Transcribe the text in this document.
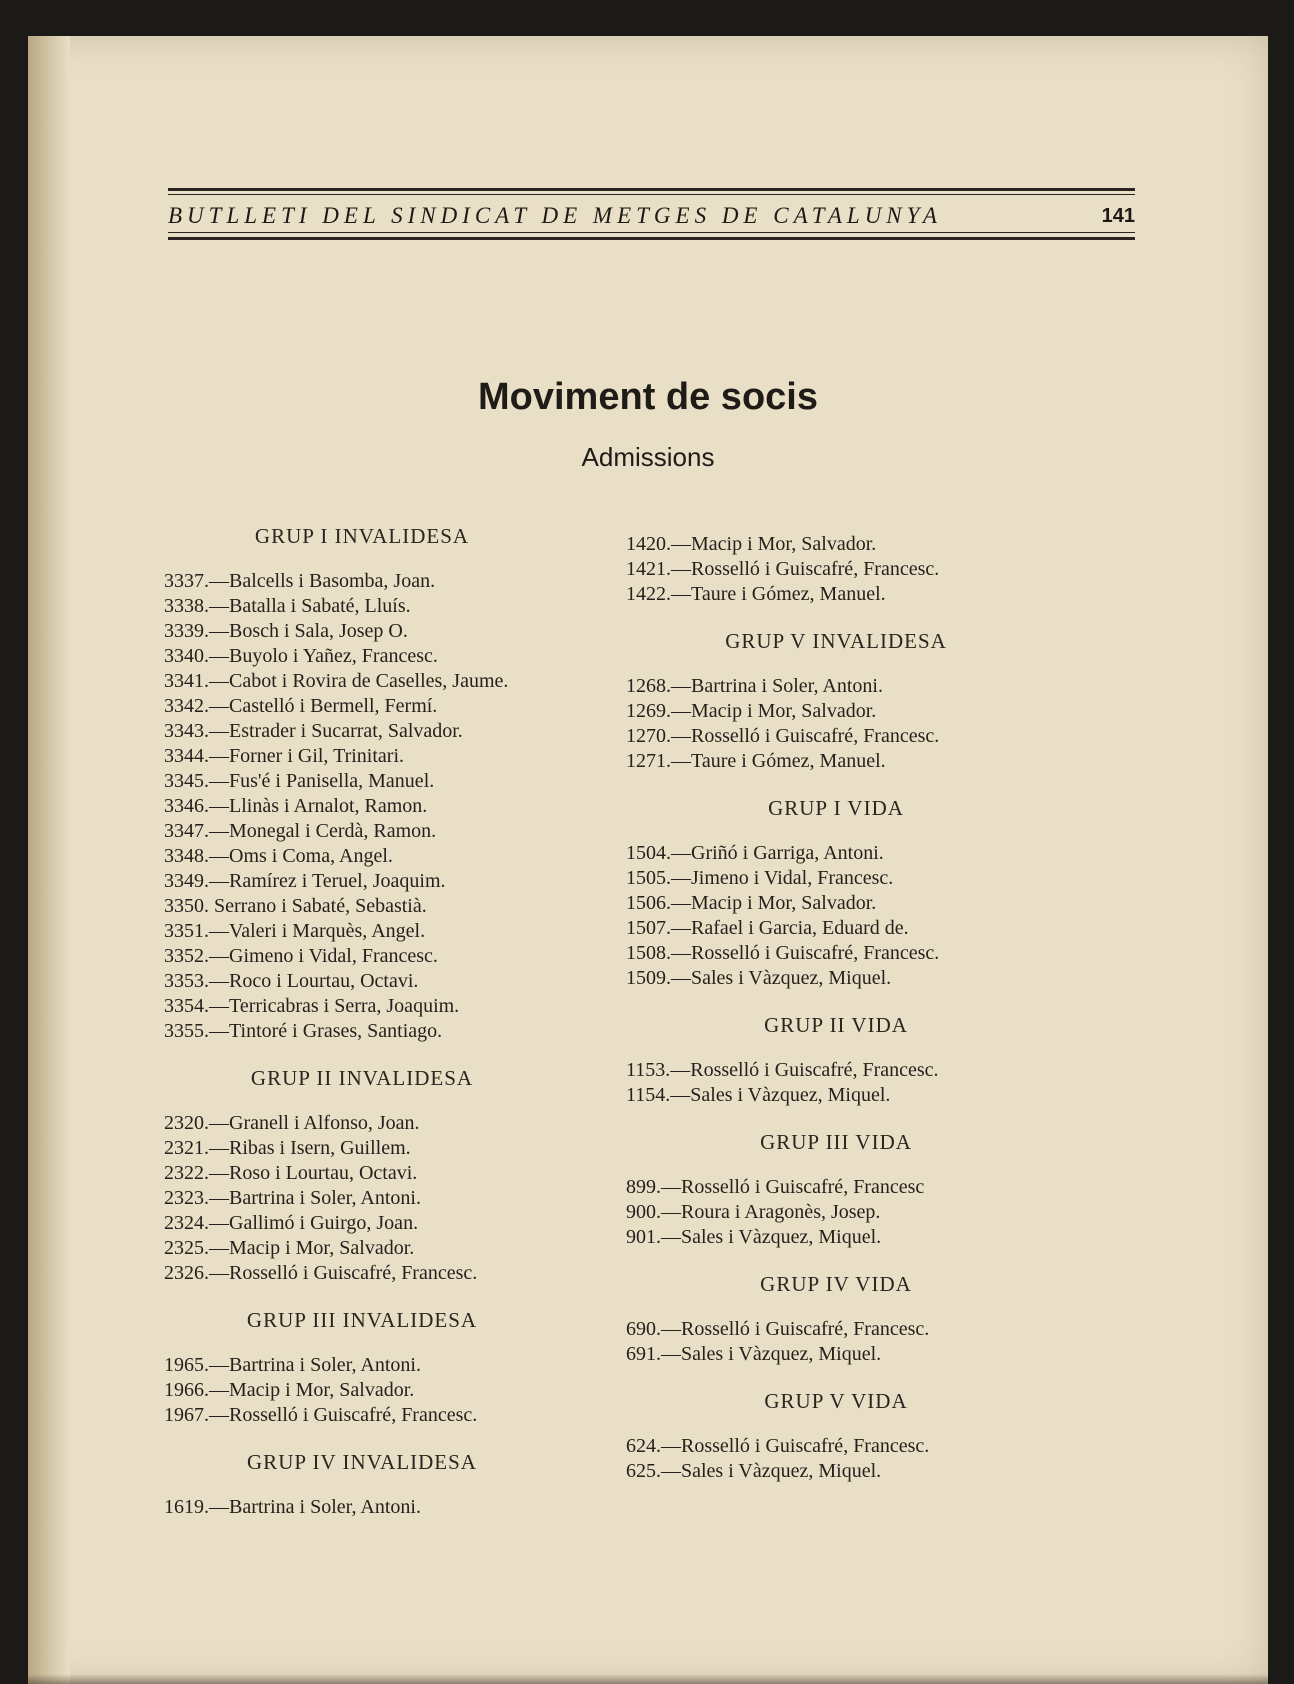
BUTLLETI DEL SINDICAT DE METGES DE CATALUNYA	141
Moviment de socis
Admissions
GRUP I INVALIDESA
3337.—Balcells i Basomba, Joan.
3338.—Batalla i Sabaté, Lluís.
3339.—Bosch i Sala, Josep O.
3340.—Buyolo i Yañez, Francesc.
3341.—Cabot i Rovira de Caselles, Jaume.
3342.—Castelló i Bermell, Fermí.
3343.—Estrader i Sucarrat, Salvador.
3344.—Forner i Gil, Trinitari.
3345.—Fus'é i Panisella, Manuel.
3346.—Llinàs i Arnalot, Ramon.
3347.—Monegal i Cerdà, Ramon.
3348.—Oms i Coma, Angel.
3349.—Ramírez i Teruel, Joaquim.
3350. Serrano i Sabaté, Sebastià.
3351.—Valeri i Marquès, Angel.
3352.—Gimeno i Vidal, Francesc.
3353.—Roco i Lourtau, Octavi.
3354.—Terricabras i Serra, Joaquim.
3355.—Tintoré i Grases, Santiago.
GRUP II INVALIDESA
2320.—Granell i Alfonso, Joan.
2321.—Ribas i Isern, Guillem.
2322.—Roso i Lourtau, Octavi.
2323.—Bartrina i Soler, Antoni.
2324.—Gallimó i Guirgo, Joan.
2325.—Macip i Mor, Salvador.
2326.—Rosselló i Guiscafré, Francesc.
GRUP III INVALIDESA
1965.—Bartrina i Soler, Antoni.
1966.—Macip i Mor, Salvador.
1967.—Rosselló i Guiscafré, Francesc.
GRUP IV INVALIDESA
1619.—Bartrina i Soler, Antoni.
1420.—Macip i Mor, Salvador.
1421.—Rosselló i Guiscafré, Francesc.
1422.—Taure i Gómez, Manuel.
GRUP V INVALIDESA
1268.—Bartrina i Soler, Antoni.
1269.—Macip i Mor, Salvador.
1270.—Rosselló i Guiscafré, Francesc.
1271.—Taure i Gómez, Manuel.
GRUP I VIDA
1504.—Griñó i Garriga, Antoni.
1505.—Jimeno i Vidal, Francesc.
1506.—Macip i Mor, Salvador.
1507.—Rafael i Garcia, Eduard de.
1508.—Rosselló i Guiscafré, Francesc.
1509.—Sales i Vàzquez, Miquel.
GRUP II VIDA
1153.—Rosselló i Guiscafré, Francesc.
1154.—Sales i Vàzquez, Miquel.
GRUP III VIDA
899.—Rosselló i Guiscafré, Francesc
900.—Roura i Aragonès, Josep.
901.—Sales i Vàzquez, Miquel.
GRUP IV VIDA
690.—Rosselló i Guiscafré, Francesc.
691.—Sales i Vàzquez, Miquel.
GRUP V VIDA
624.—Rosselló i Guiscafré, Francesc.
625.—Sales i Vàzquez, Miquel.
